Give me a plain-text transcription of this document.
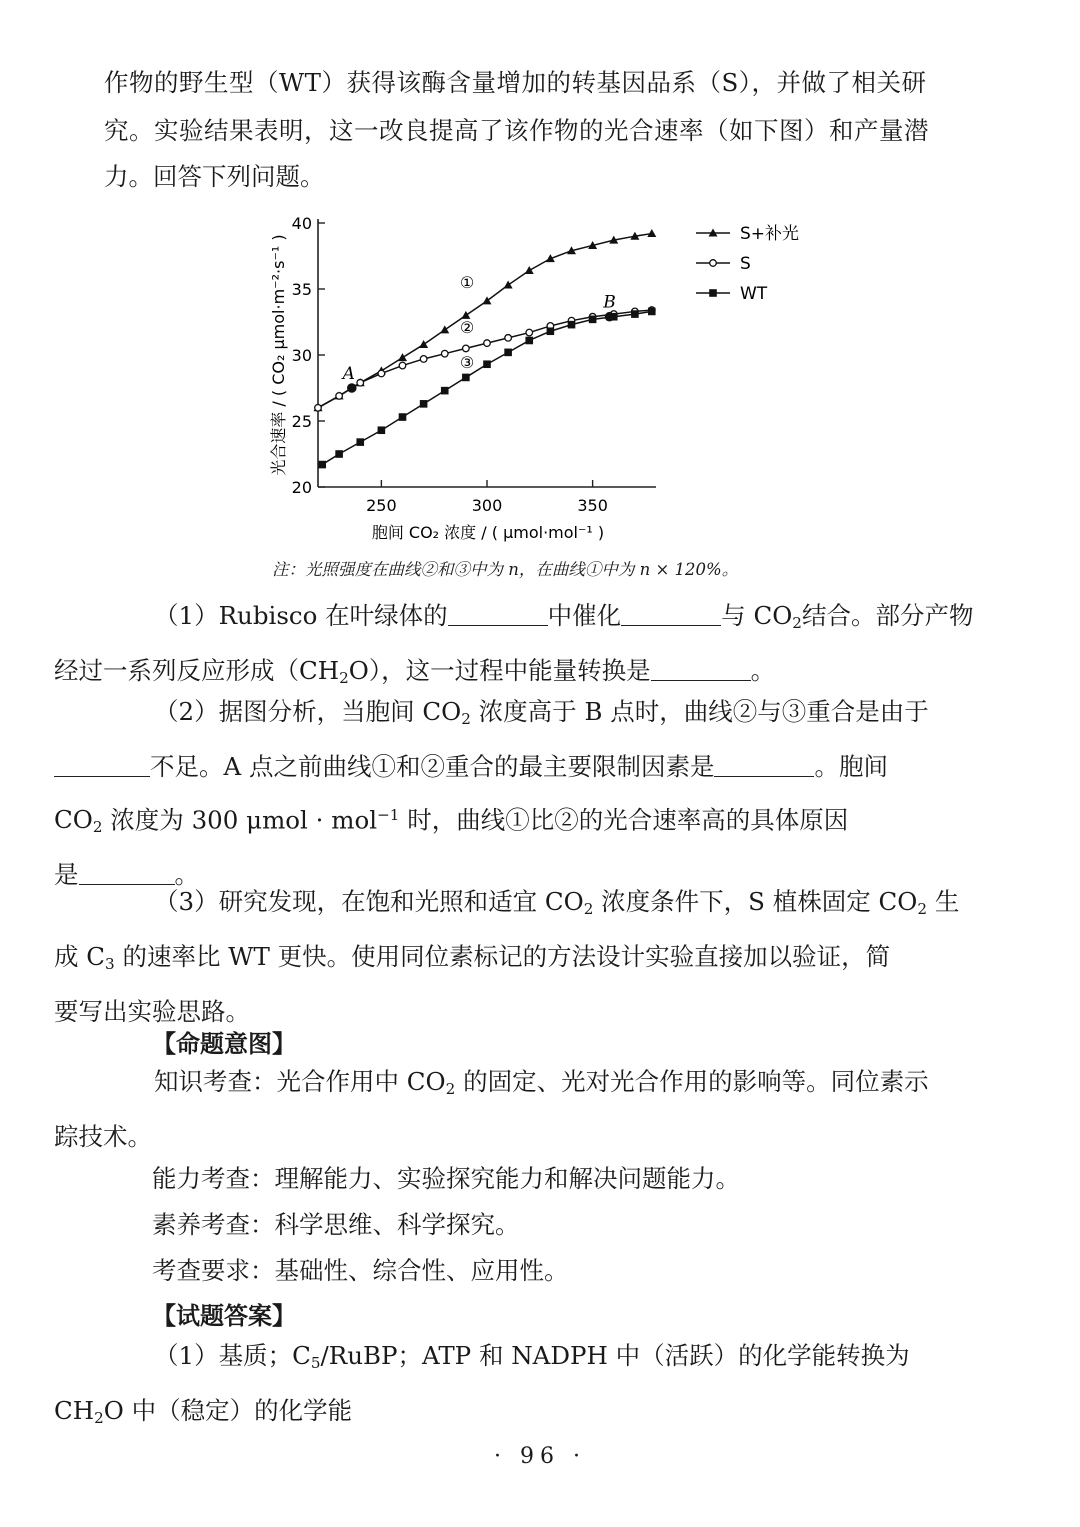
作物的野生型（WT）获得该酶含量增加的转基因品系（S），并做了相关研
究。实验结果表明，这一改良提高了该作物的光合速率（如下图）和产量潜
力。回答下列问题。
20
25
30
35
40
250	300	350
①
②
③
A
B
S+补光
S
WT
光合速率 / ( CO₂ μmol·m⁻²·s⁻¹ )
胞间 CO₂ 浓度 / ( μmol·mol⁻¹ )
注：光照强度在曲线②和③中为 n，在曲线①中为 n × 120%。
（1）Rubisco 在叶绿体的	中催化	与 $CO_2$结合。部分产物
经过一系列反应形成$(CH_2O)$，这一过程中能量转换是	。
（2）据图分析，当胞间 $CO_2$ 浓度高于 B 点时，曲线②与③重合是由于
不足。A 点之前曲线①和②重合的最主要限制因素是	。胞间
$CO_2$ 浓度为 300 μmol · mol$^{-1}$ 时，曲线①比②的光合速率高的具体原因
是	。
（3）研究发现，在饱和光照和适宜 $CO_2$ 浓度条件下，S 植株固定 $CO_2$ 生
成 $C_3$ 的速率比 WT 更快。使用同位素标记的方法设计实验直接加以验证，简
要写出实验思路。
【命题意图】
知识考查：光合作用中 $CO_2$ 的固定、光对光合作用的影响等。同位素示
踪技术。
能力考查：理解能力、实验探究能力和解决问题能力。
素养考查：科学思维、科学探究。
考查要求：基础性、综合性、应用性。
【试题答案】
（1）基质；$C_5$/RuBP；ATP 和 NADPH 中（活跃）的化学能转换为
$CH_2O$ 中（稳定）的化学能
· 96 ·
